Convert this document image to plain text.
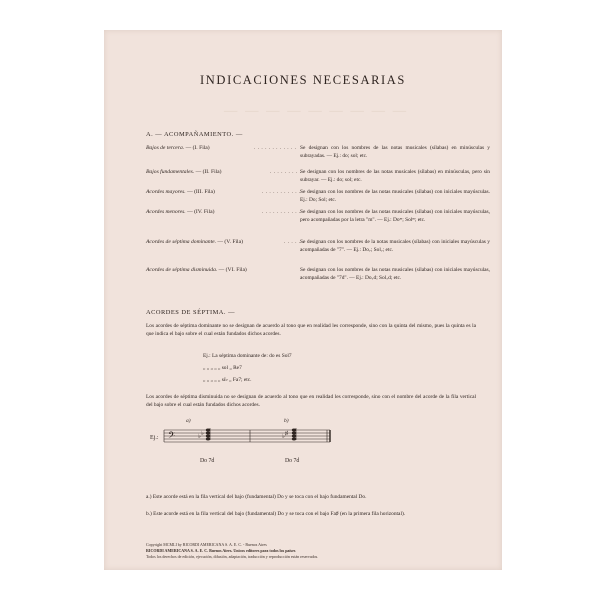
INDICACIONES NECESARIAS
— — — — — — — — —
A. — ACOMPAÑAMIENTO. —
Bajos de tercera. — (I. Fila)	. . . . . . . . . . . . Se designan con los nombres de las notas musicales (sílabas) en minúsculas y subrayadas. — Ej.: do; sol; etc.
Bajos fundamentales. — (II. Fila)	. . . . . . . . .
Se designan con los nombres de las notas musicales (sílabas) en minúsculas, pero sin subrayar. — Ej.: do; sol; etc.
Acordes mayores. — (III. Fila)	. . . . . . . . . . . Se designan con los nombres de las notas musicales (sílabas) con iniciales mayúsculas. Ej.: Do; Sol; etc.
Acordes menores. — (IV. Fila)	. . . . . . . . . . . Se designan con los nombres de las notas musicales (sílabas) con iniciales mayúsculas, pero acompañadas por la letra "m". — Ej.: Doᵐ; Solᵐ; etc.
Acordes de séptima dominante. — (V. Fila)	. . . . . .
Se designan con los nombres de la notas musicales (sílabas) con iniciales mayúsculas y acompañadas de "7". — Ej.: Do₇; Sol₇; etc.
Acordes de séptima disminuida. — (VI. Fila)	Se designan con los nombres de las notas musicales (sílabas) con iniciales mayúsculas, acompañadas de "7d". — Ej.: Do₇d; Sol₇d; etc.
ACORDES DE SÉPTIMA. —
Los acordes de séptima dominante no se designan de acuerdo al tono que en realidad les corresponde, sino con la quinta del mismo, pues la quinta es la que indica el bajo sobre el cual están fundados dichos acordes.
Ej.: La séptima dominante de: do es Sol7
„ „ „ „ „ sol „ Re7
„ „ „ „ „ si♭ „ Fa7; etc.
Los acordes de séptima disminuida no se designan de acuerdo al tono que en realidad les corresponde, sino con el nombre del acorde de la fila vertical del bajo sobre el cual están fundados dichos acordes.
Ej.:
a)	b)
𝄢	♭ ♭	♭ ♯
Do 7d	Do 7d
a.) Este acorde está en la fila vertical del bajo (fundamental) Do y se toca con el bajo fundamental Do.
b.) Este acorde está en la fila vertical del bajo (fundamental) Do y se toca con el bajo Fa♯ (en la primera fila horizontal).
Copyright MCMLI by RICORDI AMERICANA S. A. E. C. - Buenos Aires
RICORDI AMERICANA S. A. E. C. Buenos Aires. Unicos editores para todos los países
Todos los derechos de edición, ejecución, difusión, adaptación, traducción y reproducción están reservados.
